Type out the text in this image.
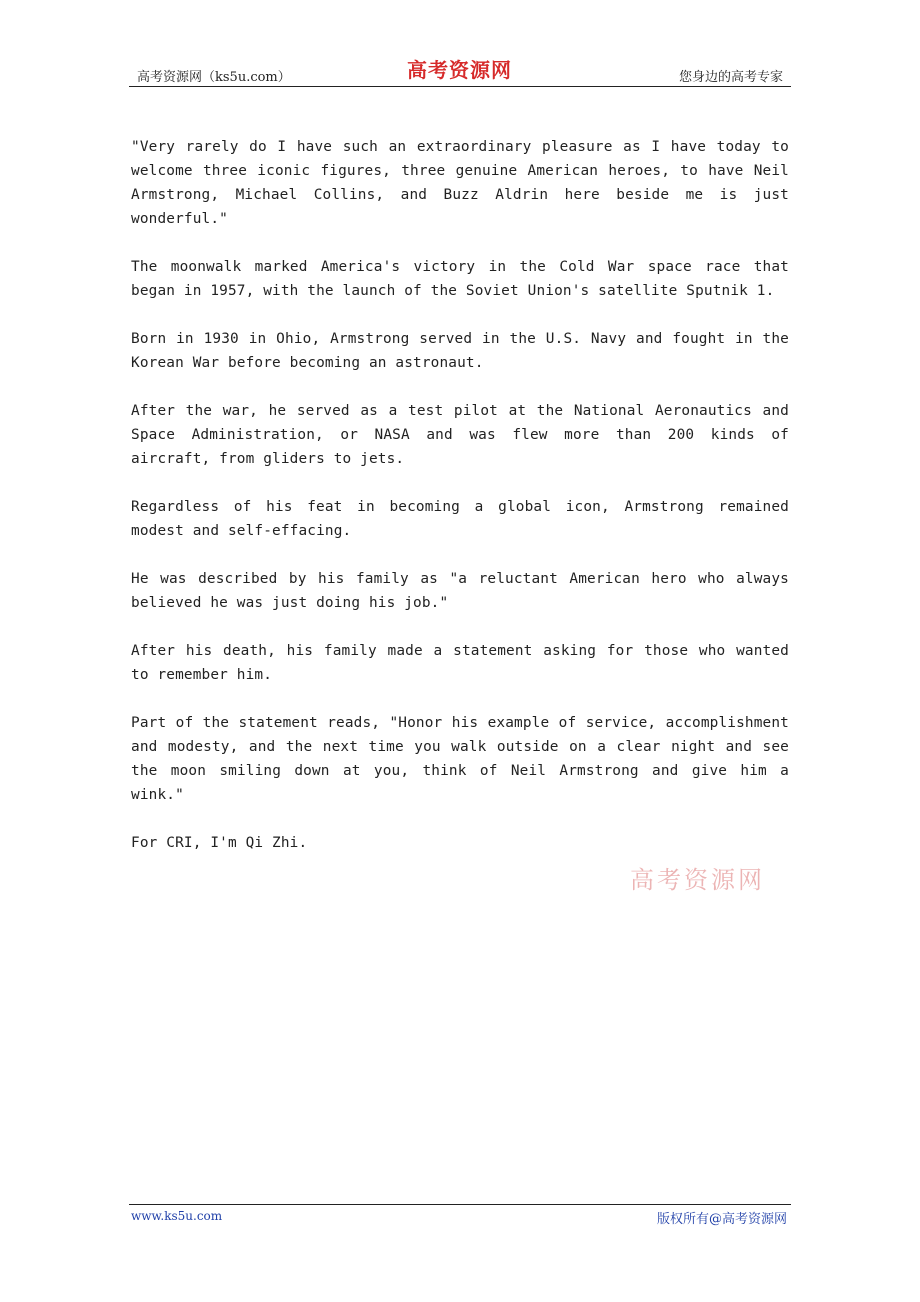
高考资源网（ks5u.com）	高考资源网	您身边的高考专家

"Very rarely do I have such an extraordinary pleasure as I have today to welcome three iconic figures, three genuine American heroes, to have Neil Armstrong, Michael Collins, and Buzz Aldrin here beside me is just wonderful."

The moonwalk marked America's victory in the Cold War space race that began in 1957, with the launch of the Soviet Union's satellite Sputnik 1.

Born in 1930 in Ohio, Armstrong served in the U.S. Navy and fought in the Korean War before becoming an astronaut.

After the war, he served as a test pilot at the National Aeronautics and Space Administration, or NASA and was flew more than 200 kinds of aircraft, from gliders to jets.

Regardless of his feat in becoming a global icon, Armstrong remained modest and self-effacing.

He was described by his family as "a reluctant American hero who always believed he was just doing his job."

After his death, his family made a statement asking for those who wanted to remember him.

Part of the statement reads, "Honor his example of service, accomplishment and modesty, and the next time you walk outside on a clear night and see the moon smiling down at you, think of Neil Armstrong and give him a wink."

For CRI, I'm Qi Zhi.

高考资源网
www.ks5u.com	版权所有@高考资源网
